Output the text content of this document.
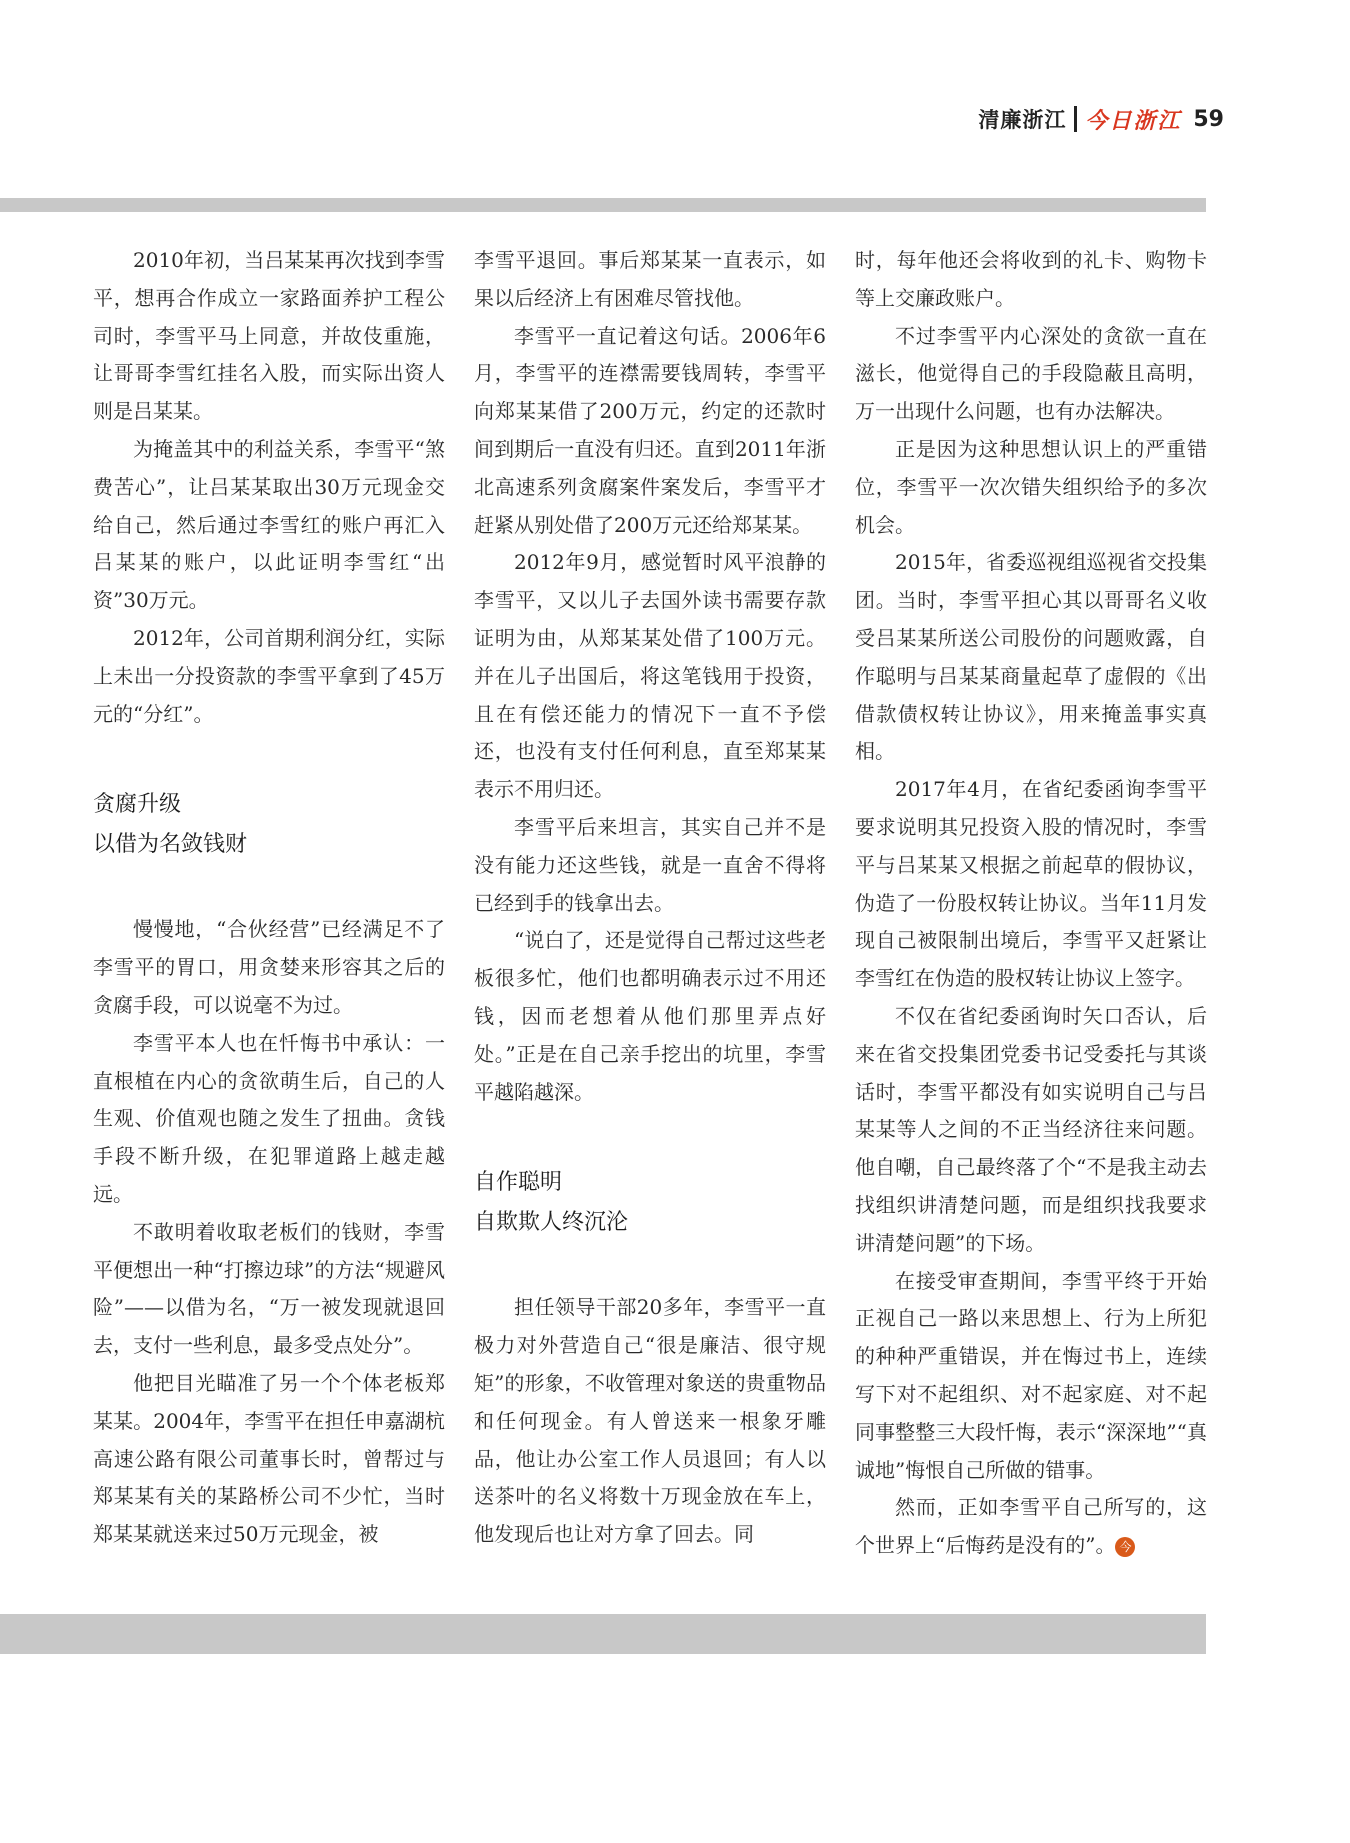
清廉浙江 今日浙江 59

2010年初，当吕某某再次找到李雪平，想再合作成立一家路面养护工程公司时，李雪平马上同意，并故伎重施，让哥哥李雪红挂名入股，而实际出资人则是吕某某。

为掩盖其中的利益关系，李雪平“煞费苦心”，让吕某某取出30万元现金交给自己，然后通过李雪红的账户再汇入吕某某的账户，以此证明李雪红“出资”30万元。

2012年，公司首期利润分红，实际上未出一分投资款的李雪平拿到了45万元的“分红”。

贪腐升级
以借为名敛钱财

慢慢地，“合伙经营”已经满足不了李雪平的胃口，用贪婪来形容其之后的贪腐手段，可以说毫不为过。

李雪平本人也在忏悔书中承认：一直根植在内心的贪欲萌生后，自己的人生观、价值观也随之发生了扭曲。贪钱手段不断升级，在犯罪道路上越走越远。

不敢明着收取老板们的钱财，李雪平便想出一种“打擦边球”的方法“规避风险”——以借为名，“万一被发现就退回去，支付一些利息，最多受点处分”。

他把目光瞄准了另一个个体老板郑某某。2004年，李雪平在担任申嘉湖杭高速公路有限公司董事长时，曾帮过与郑某某有关的某路桥公司不少忙，当时郑某某就送来过50万元现金，被

李雪平退回。事后郑某某一直表示，如果以后经济上有困难尽管找他。

李雪平一直记着这句话。2006年6月，李雪平的连襟需要钱周转，李雪平向郑某某借了200万元，约定的还款时间到期后一直没有归还。直到2011年浙北高速系列贪腐案件案发后，李雪平才赶紧从别处借了200万元还给郑某某。

2012年9月，感觉暂时风平浪静的李雪平，又以儿子去国外读书需要存款证明为由，从郑某某处借了100万元。并在儿子出国后，将这笔钱用于投资，且在有偿还能力的情况下一直不予偿还，也没有支付任何利息，直至郑某某表示不用归还。

李雪平后来坦言，其实自己并不是没有能力还这些钱，就是一直舍不得将已经到手的钱拿出去。

“说白了，还是觉得自己帮过这些老板很多忙，他们也都明确表示过不用还钱，因而老想着从他们那里弄点好处。”正是在自己亲手挖出的坑里，李雪平越陷越深。

自作聪明
自欺欺人终沉沦

担任领导干部20多年，李雪平一直极力对外营造自己“很是廉洁、很守规矩”的形象，不收管理对象送的贵重物品和任何现金。有人曾送来一根象牙雕品，他让办公室工作人员退回；有人以送茶叶的名义将数十万现金放在车上，他发现后也让对方拿了回去。同

时，每年他还会将收到的礼卡、购物卡等上交廉政账户。

不过李雪平内心深处的贪欲一直在滋长，他觉得自己的手段隐蔽且高明，万一出现什么问题，也有办法解决。

正是因为这种思想认识上的严重错位，李雪平一次次错失组织给予的多次机会。

2015年，省委巡视组巡视省交投集团。当时，李雪平担心其以哥哥名义收受吕某某所送公司股份的问题败露，自作聪明与吕某某商量起草了虚假的《出借款债权转让协议》，用来掩盖事实真相。

2017年4月，在省纪委函询李雪平要求说明其兄投资入股的情况时，李雪平与吕某某又根据之前起草的假协议，伪造了一份股权转让协议。当年11月发现自己被限制出境后，李雪平又赶紧让李雪红在伪造的股权转让协议上签字。

不仅在省纪委函询时矢口否认，后来在省交投集团党委书记受委托与其谈话时，李雪平都没有如实说明自己与吕某某等人之间的不正当经济往来问题。他自嘲，自己最终落了个“不是我主动去找组织讲清楚问题，而是组织找我要求讲清楚问题”的下场。

在接受审查期间，李雪平终于开始正视自己一路以来思想上、行为上所犯的种种严重错误，并在悔过书上，连续写下对不起组织、对不起家庭、对不起同事整整三大段忏悔，表示“深深地”“真诚地”悔恨自己所做的错事。

然而，正如李雪平自己所写的，这个世界上“后悔药是没有的”。 今
